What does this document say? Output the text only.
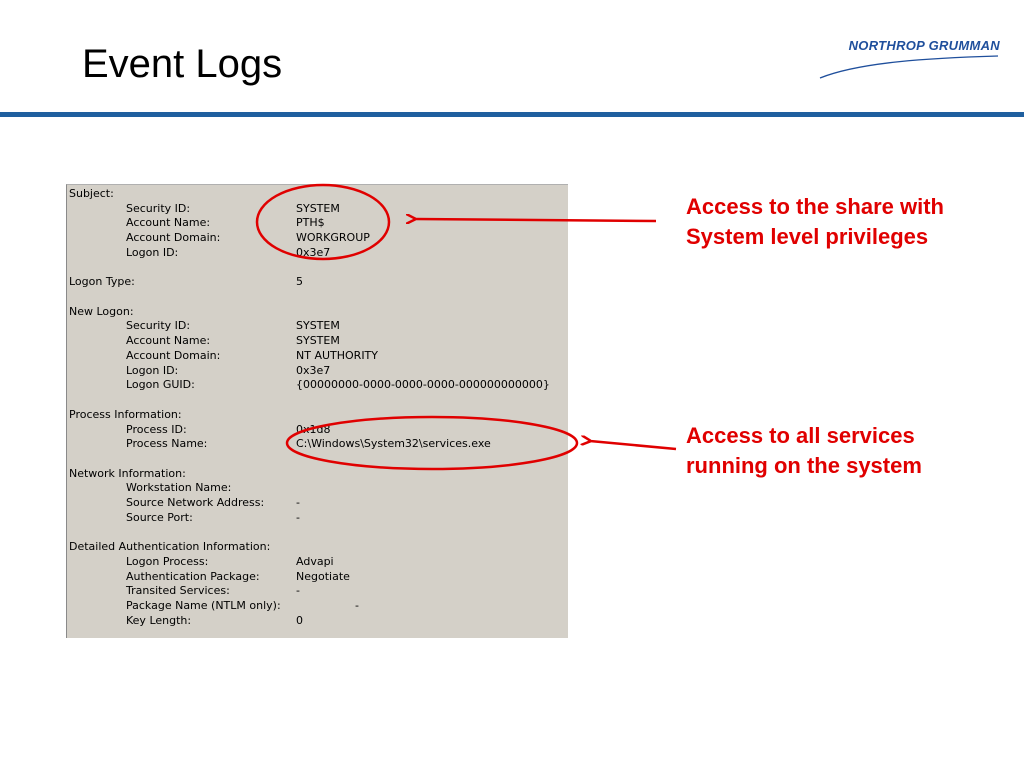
Event Logs	NORTHROP GRUMMAN
Subject:
Security ID:	SYSTEM
Account Name:	PTH$
Account Domain:	WORKGROUP
Logon ID:	0x3e7
Logon Type:	5
New Logon:
Security ID:	SYSTEM
Account Name:	SYSTEM
Account Domain:	NT AUTHORITY
Logon ID:	0x3e7
Logon GUID:	{00000000-0000-0000-0000-000000000000}
Process Information:
Process ID:	0x1d8
Process Name:	C:\Windows\System32\services.exe
Network Information:
Workstation Name:
Source Network Address:	-
Source Port:	-
Detailed Authentication Information:
Logon Process:	Advapi
Authentication Package:	Negotiate
Transited Services:	-
Package Name (NTLM only):	-
Key Length:	0
Access to the share with System level privileges
Access to all services running on the system
